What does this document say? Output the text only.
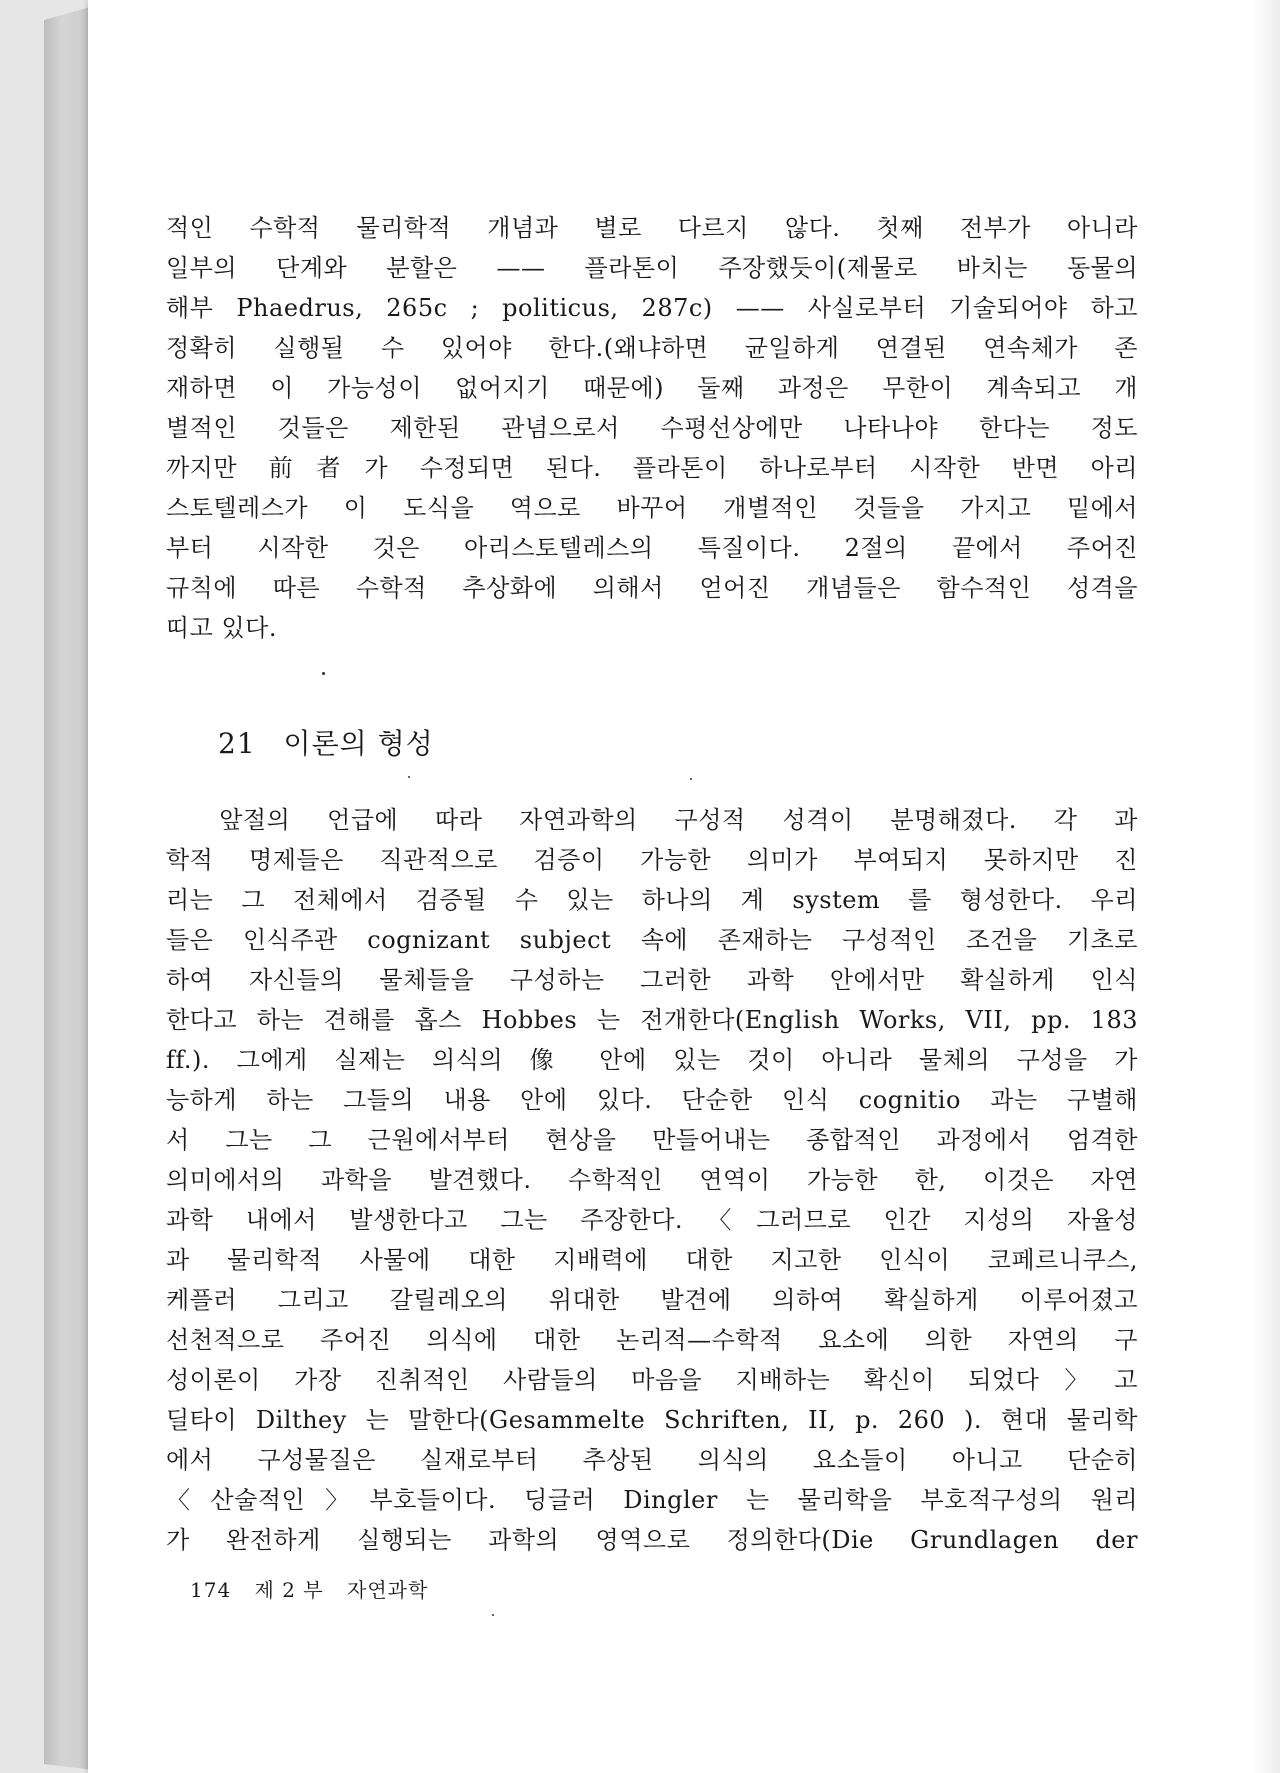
적인 수학적 물리학적 개념과 별로 다르지 않다. 첫째 전부가 아니라
일부의 단계와 분할은 —— 플라톤이 주장했듯이(제물로 바치는 동물의
해부 Phaedrus, 265c ; politicus, 287c) —— 사실로부터 기술되어야 하고
정확히 실행될 수 있어야 한다.(왜냐하면 균일하게 연결된 연속체가 존
재하면 이 가능성이 없어지기 때문에) 둘째 과정은 무한이 계속되고 개
별적인 것들은 제한된 관념으로서 수평선상에만 나타나야 한다는 정도
까지만 前者가 수정되면 된다. 플라톤이 하나로부터 시작한 반면 아리
스토텔레스가 이 도식을 역으로 바꾸어 개별적인 것들을 가지고 밑에서
부터 시작한 것은 아리스토텔레스의 특질이다. 2절의 끝에서 주어진
규칙에 따른 수학적 추상화에 의해서 얻어진 개념들은 함수적인 성격을
띠고 있다.
21 이론의 형성
　앞절의 언급에 따라 자연과학의 구성적 성격이 분명해졌다. 각 과
학적 명제들은 직관적으로 검증이 가능한 의미가 부여되지 못하지만 진
리는 그 전체에서 검증될 수 있는 하나의 계 system 를 형성한다. 우리
들은 인식주관 cognizant subject 속에 존재하는 구성적인 조건을 기초로
하여 자신들의 물체들을 구성하는 그러한 과학 안에서만 확실하게 인식
한다고 하는 견해를 홉스 Hobbes 는 전개한다(English Works, VII, pp. 183
ff.). 그에게 실제는 의식의 像 안에 있는 것이 아니라 물체의 구성을 가
능하게 하는 그들의 내용 안에 있다. 단순한 인식 cognitio 과는 구별해
서 그는 그 근원에서부터 현상을 만들어내는 종합적인 과정에서 엄격한
의미에서의 과학을 발견했다. 수학적인 연역이 가능한 한, 이것은 자연
과학 내에서 발생한다고 그는 주장한다.〈그러므로 인간 지성의 자율성
과 물리학적 사물에 대한 지배력에 대한 지고한 인식이 코페르니쿠스,
케플러 그리고 갈릴레오의 위대한 발견에 의하여 확실하게 이루어졌고
선천적으로 주어진 의식에 대한 논리적—수학적 요소에 의한 자연의 구
성이론이 가장 진취적인 사람들의 마음을 지배하는 확신이 되었다〉고
딜타이 Dilthey 는 말한다(Gesammelte Schriften, II, p. 260 ). 현대 물리학
에서 구성물질은 실재로부터 추상된 의식의 요소들이 아니고 단순히
〈산술적인〉부호들이다. 딩글러 Dingler 는 물리학을 부호적구성의 원리
가 완전하게 실행되는 과학의 영역으로 정의한다(Die Grundlagen der
174 제 2 부 자연과학
